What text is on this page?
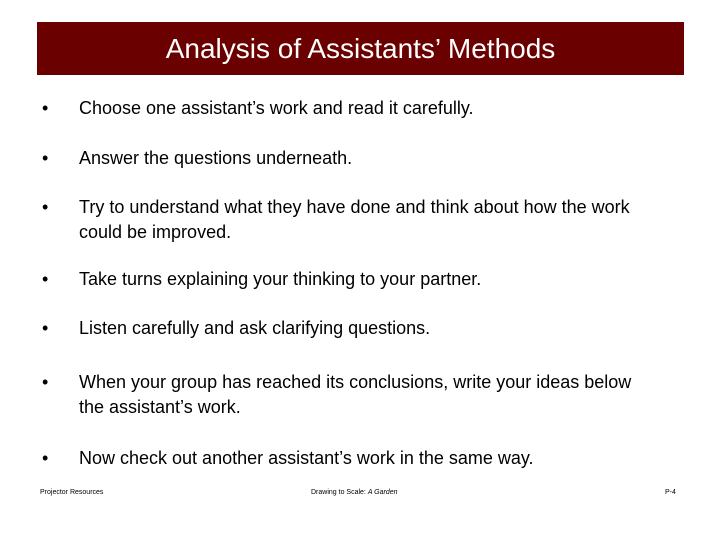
Analysis of Assistants’ Methods
•	Choose one assistant’s work and read it carefully.
•	Answer the questions underneath.
•	Try to understand what they have done and think about how the work could be improved.
•	Take turns explaining your thinking to your partner.
•	Listen carefully and ask clarifying questions.
•	When your group has reached its conclusions, write your ideas below the assistant’s work.
•	Now check out another assistant’s work in the same way.
Projector Resources	Drawing to Scale: A Garden	P-4
